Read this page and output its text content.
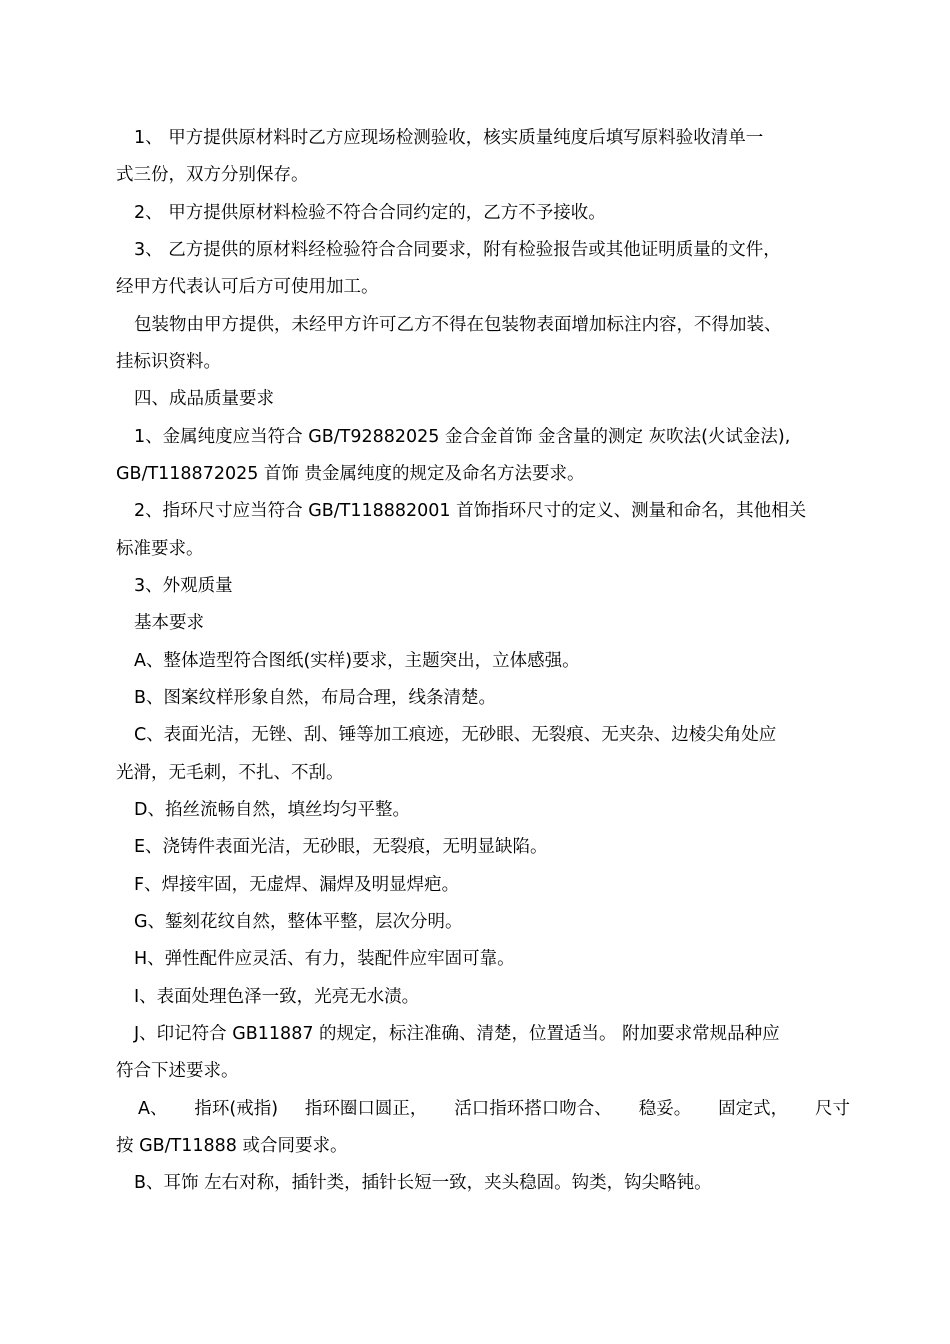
1、 甲方提供原材料时乙方应现场检测验收，核实质量纯度后填写原料验收清单一
式三份，双方分别保存。
2、 甲方提供原材料检验不符合合同约定的，乙方不予接收。
3、 乙方提供的原材料经检验符合合同要求，附有检验报告或其他证明质量的文件，
经甲方代表认可后方可使用加工。
包装物由甲方提供，未经甲方许可乙方不得在包装物表面增加标注内容，不得加装、
挂标识资料。
四、成品质量要求
1、金属纯度应当符合 GB/T92882025 金合金首饰 金含量的测定 灰吹法(火试金法),
GB/T118872025 首饰 贵金属纯度的规定及命名方法要求。
2、指环尺寸应当符合 GB/T118882001 首饰指环尺寸的定义、测量和命名，其他相关
标准要求。
3、外观质量
基本要求
A、整体造型符合图纸(实样)要求，主题突出，立体感强。
B、图案纹样形象自然，布局合理，线条清楚。
C、表面光洁，无锉、刮、锤等加工痕迹，无砂眼、无裂痕、无夹杂、边棱尖角处应
光滑，无毛刺，不扎、不刮。
D、掐丝流畅自然，填丝均匀平整。
E、浇铸件表面光洁，无砂眼，无裂痕，无明显缺陷。
F、焊接牢固，无虚焊、漏焊及明显焊疤。
G、錾刻花纹自然，整体平整，层次分明。
H、弹性配件应灵活、有力，装配件应牢固可靠。
I、表面处理色泽一致，光亮无水渍。
J、印记符合 GB11887 的规定，标注准确、清楚，位置适当。 附加要求常规品种应
符合下述要求。
A、 指环(戒指) 指环圈口圆正， 活口指环搭口吻合、 稳妥。 固定式， 尺寸
按 GB/T11888 或合同要求。
B、耳饰 左右对称，插针类，插针长短一致，夹头稳固。钩类，钩尖略钝。
